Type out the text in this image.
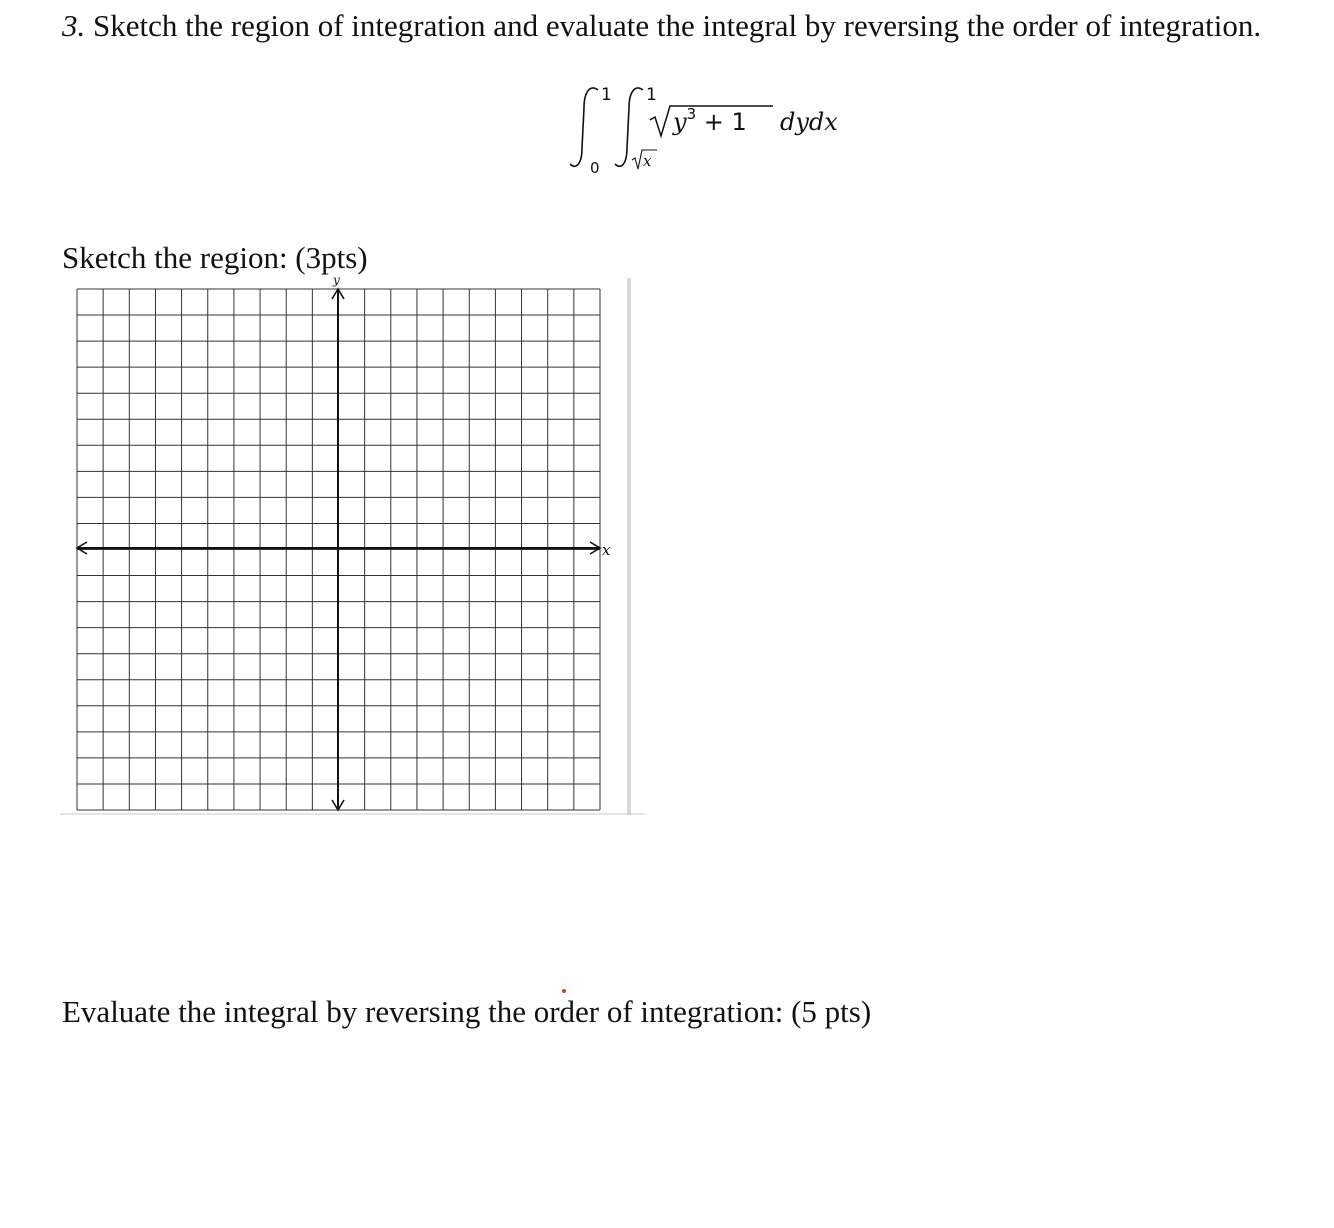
3. Sketch the region of integration and evaluate the integral by reversing the order of integration.
1
0
1
x
$y^3 + 1$ dydx
Sketch the region: (3pts)
x
y
Evaluate the integral by reversing the order of integration: (5 pts)
